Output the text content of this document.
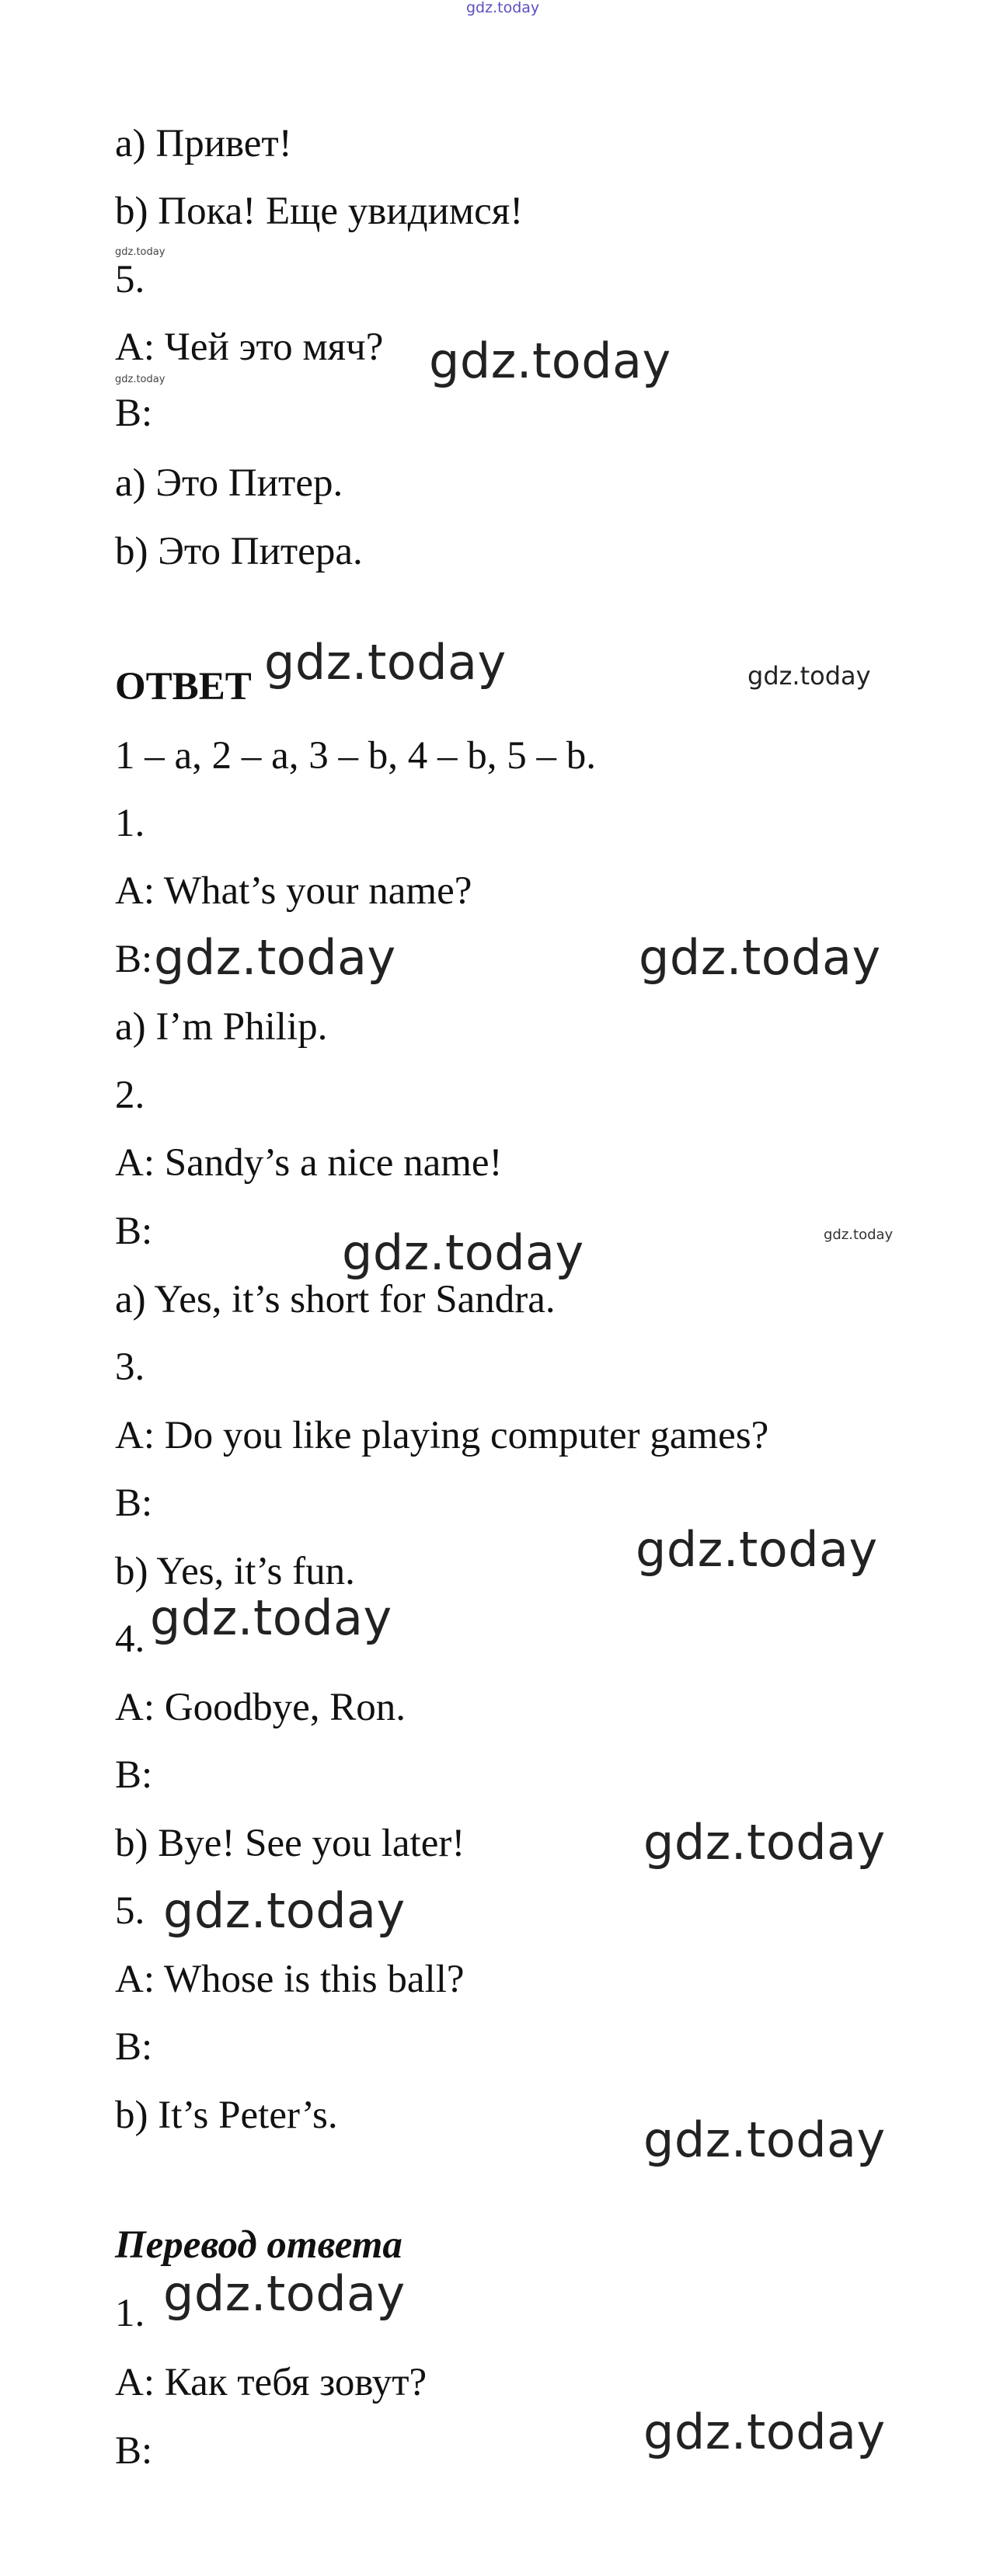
gdz.today
a) Привет!
b) Пока! Еще увидимся!
gdz.today
5.
A: Чей это мяч? gdz.today
gdz.today
B:
a) Это Питер.
b) Это Питера.
ОТВЕТ gdz.today	gdz.today
1 – a, 2 – a, 3 – b, 4 – b, 5 – b.
1.
A: What’s your name?
B: gdz.today	gdz.today
a) I’m Philip.
2.
A: Sandy’s a nice name!
B:	gdz.today	gdz.today
a) Yes, it’s short for Sandra.
3.
A: Do you like playing computer games?
B:
gdz.today
b) Yes, it’s fun.
gdz.today
4.
A: Goodbye, Ron.
B:
b) Bye! See you later!	gdz.today
5. gdz.today
A: Whose is this ball?
B:
b) It’s Peter’s.	gdz.today
Перевод ответа
1. gdz.today
A: Как тебя зовут?
B:	gdz.today
